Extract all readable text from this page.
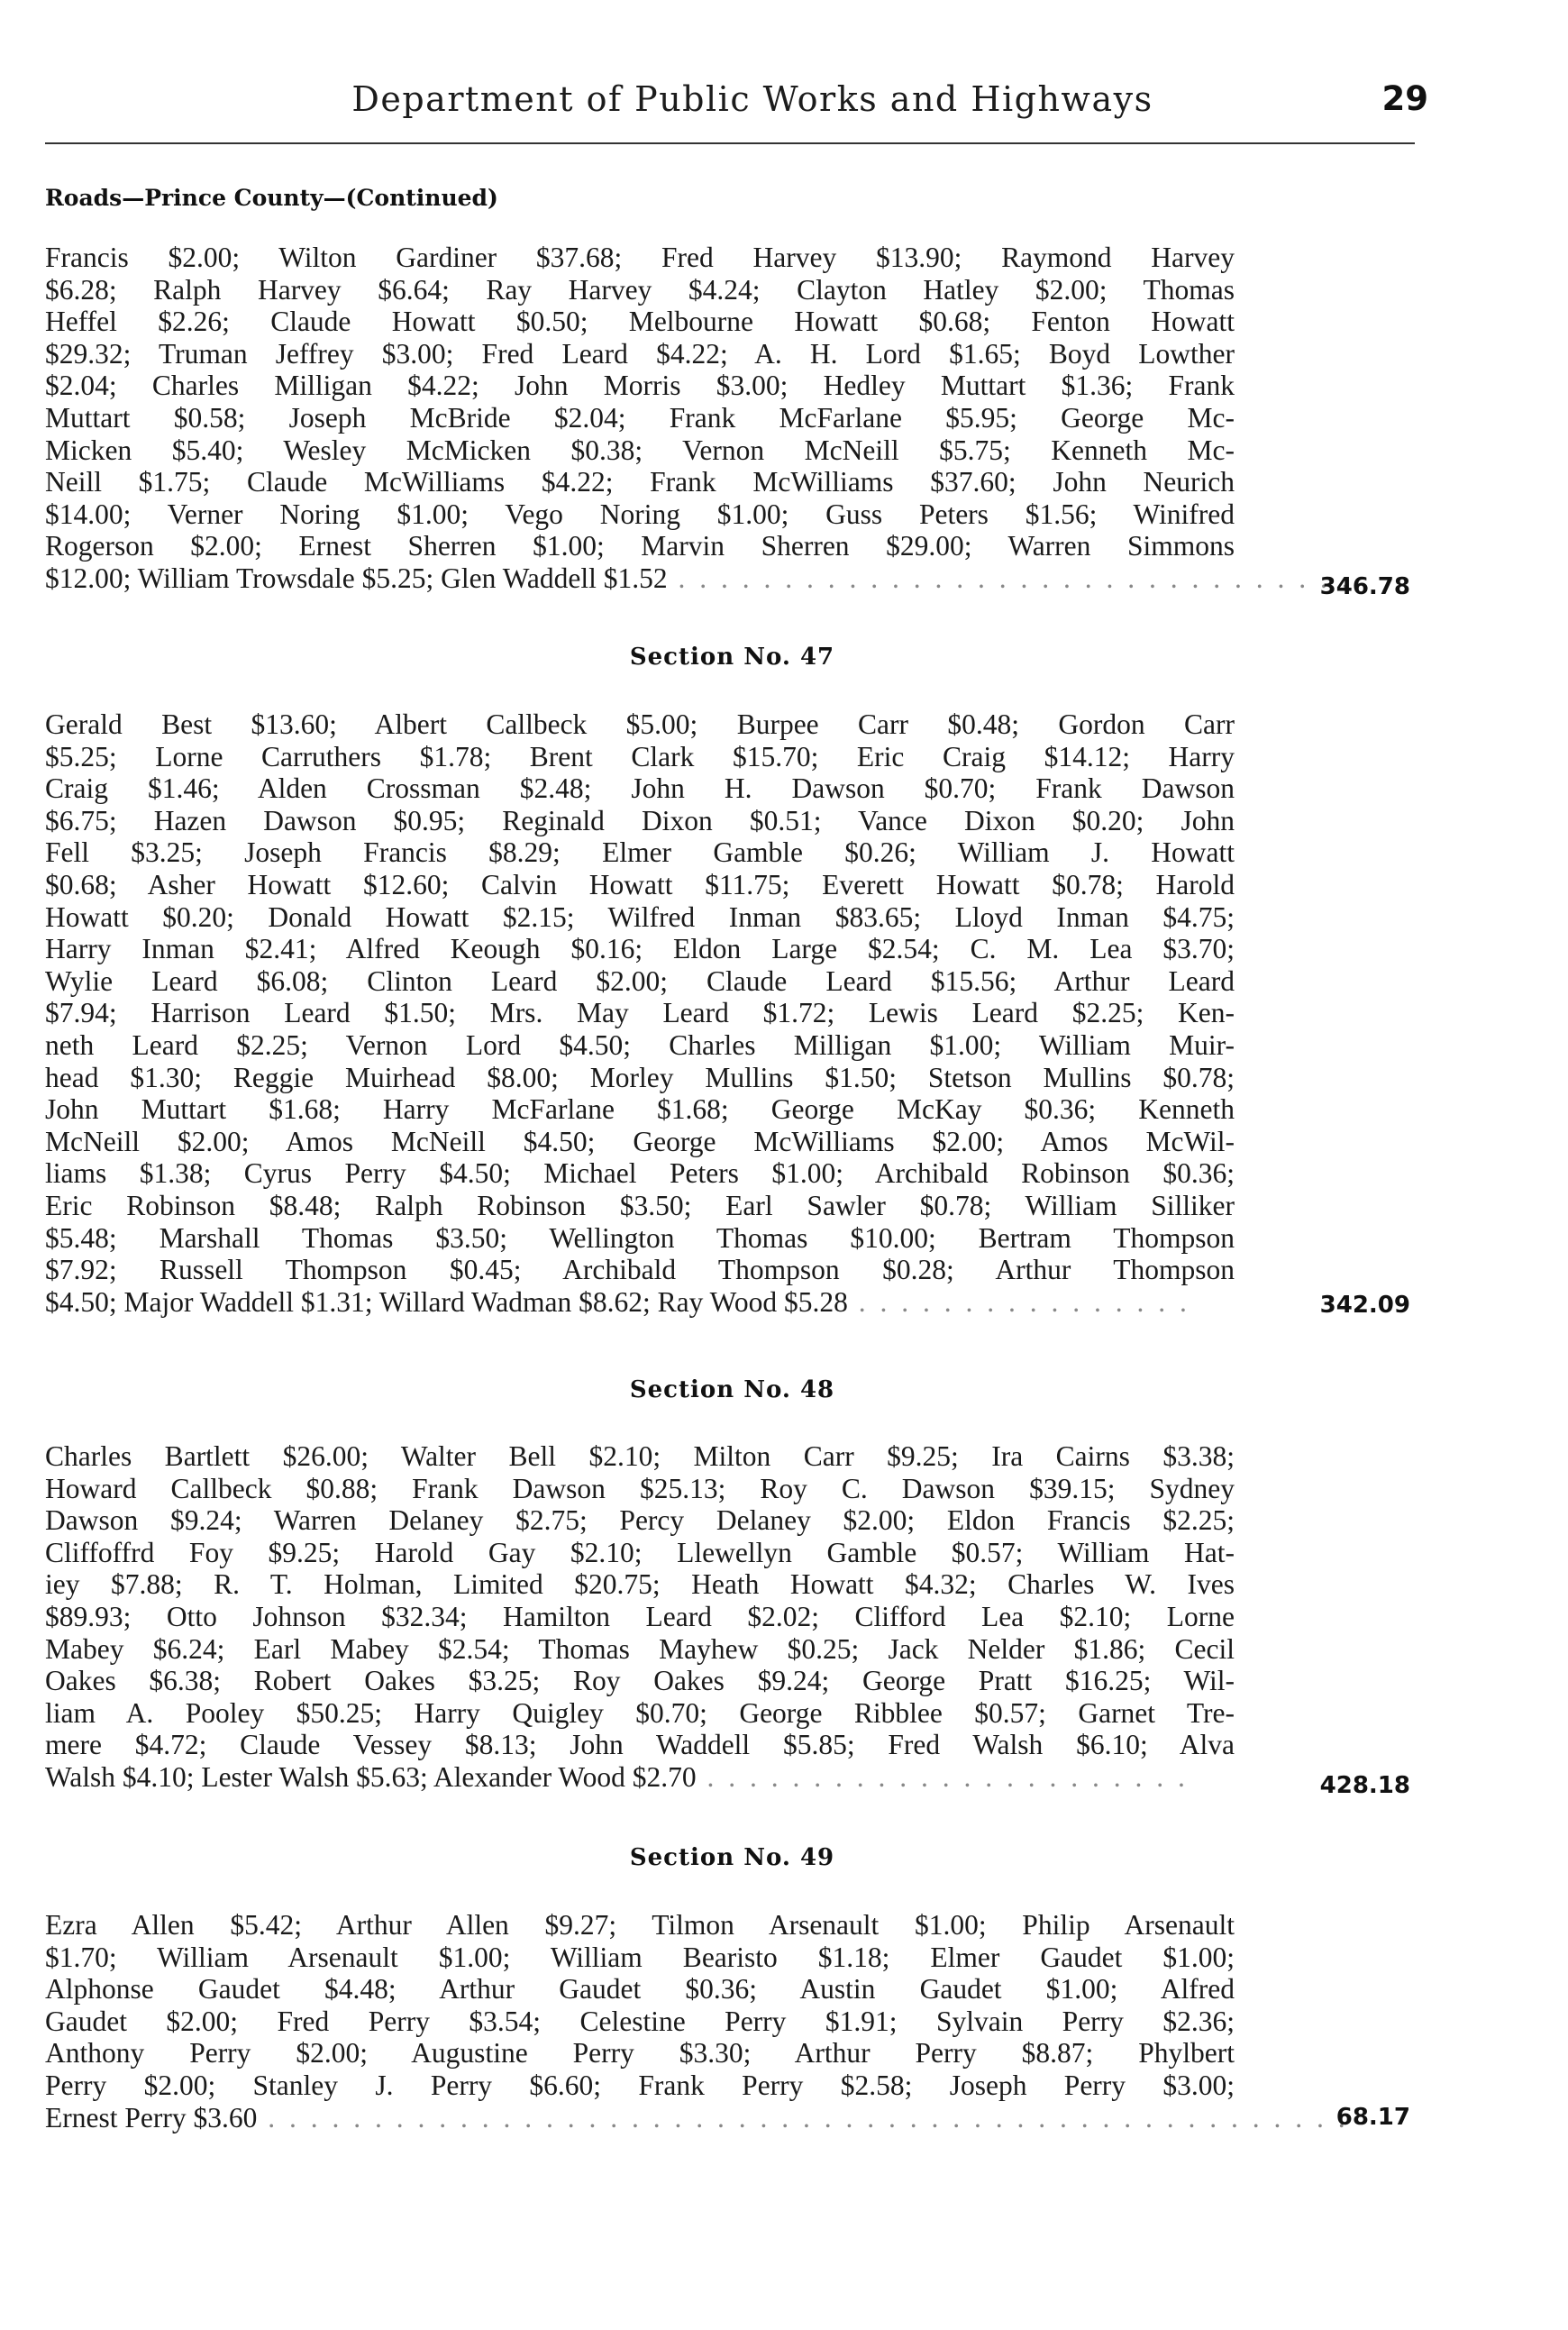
Department of Public Works and Highways	29
Roads—Prince County—(Continued)
Francis $2.00; Wilton Gardiner $37.68; Fred Harvey $13.90; Raymond Harvey
$6.28; Ralph Harvey $6.64; Ray Harvey $4.24; Clayton Hatley $2.00; Thomas
Heffel $2.26; Claude Howatt $0.50; Melbourne Howatt $0.68; Fenton Howatt
$29.32; Truman Jeffrey $3.00; Fred Leard $4.22; A. H. Lord $1.65; Boyd Lowther
$2.04; Charles Milligan $4.22; John Morris $3.00; Hedley Muttart $1.36; Frank
Muttart $0.58; Joseph McBride $2.04; Frank McFarlane $5.95; George Mc-
Micken $5.40; Wesley McMicken $0.38; Vernon McNeill $5.75; Kenneth Mc-
Neill $1.75; Claude McWilliams $4.22; Frank McWilliams $37.60; John Neurich
$14.00; Verner Noring $1.00; Vego Noring $1.00; Guss Peters $1.56; Winifred
Rogerson $2.00; Ernest Sherren $1.00; Marvin Sherren $29.00; Warren Simmons
$12.00; William Trowsdale $5.25; Glen Waddell $1.52 . . . . . . . . . . . . . . . . . . . . . . . . . . . . . . . .
346.78
Section No. 47
Gerald Best $13.60; Albert Callbeck $5.00; Burpee Carr $0.48; Gordon Carr
$5.25; Lorne Carruthers $1.78; Brent Clark $15.70; Eric Craig $14.12; Harry
Craig $1.46; Alden Crossman $2.48; John H. Dawson $0.70; Frank Dawson
$6.75; Hazen Dawson $0.95; Reginald Dixon $0.51; Vance Dixon $0.20; John
Fell $3.25; Joseph Francis $8.29; Elmer Gamble $0.26; William J. Howatt
$0.68; Asher Howatt $12.60; Calvin Howatt $11.75; Everett Howatt $0.78; Harold
Howatt $0.20; Donald Howatt $2.15; Wilfred Inman $83.65; Lloyd Inman $4.75;
Harry Inman $2.41; Alfred Keough $0.16; Eldon Large $2.54; C. M. Lea $3.70;
Wylie Leard $6.08; Clinton Leard $2.00; Claude Leard $15.56; Arthur Leard
$7.94; Harrison Leard $1.50; Mrs. May Leard $1.72; Lewis Leard $2.25; Ken-
neth Leard $2.25; Vernon Lord $4.50; Charles Milligan $1.00; William Muir-
head $1.30; Reggie Muirhead $8.00; Morley Mullins $1.50; Stetson Mullins $0.78;
John Muttart $1.68; Harry McFarlane $1.68; George McKay $0.36; Kenneth
McNeill $2.00; Amos McNeill $4.50; George McWilliams $2.00; Amos McWil-
liams $1.38; Cyrus Perry $4.50; Michael Peters $1.00; Archibald Robinson $0.36;
Eric Robinson $8.48; Ralph Robinson $3.50; Earl Sawler $0.78; William Silliker
$5.48; Marshall Thomas $3.50; Wellington Thomas $10.00; Bertram Thompson
$7.92; Russell Thompson $0.45; Archibald Thompson $0.28; Arthur Thompson
$4.50; Major Waddell $1.31; Willard Wadman $8.62; Ray Wood $5.28 . . . . . . . . . . . . . . . .	342.09
Section No. 48
Charles Bartlett $26.00; Walter Bell $2.10; Milton Carr $9.25; Ira Cairns $3.38;
Howard Callbeck $0.88; Frank Dawson $25.13; Roy C. Dawson $39.15; Sydney
Dawson $9.24; Warren Delaney $2.75; Percy Delaney $2.00; Eldon Francis $2.25;
Cliffoffrd Foy $9.25; Harold Gay $2.10; Llewellyn Gamble $0.57; William Hat-
iey $7.88; R. T. Holman, Limited $20.75; Heath Howatt $4.32; Charles W. Ives
$89.93; Otto Johnson $32.34; Hamilton Leard $2.02; Clifford Lea $2.10; Lorne
Mabey $6.24; Earl Mabey $2.54; Thomas Mayhew $0.25; Jack Nelder $1.86; Cecil
Oakes $6.38; Robert Oakes $3.25; Roy Oakes $9.24; George Pratt $16.25; Wil-
liam A. Pooley $50.25; Harry Quigley $0.70; George Ribblee $0.57; Garnet Tre-
mere $4.72; Claude Vessey $8.13; John Waddell $5.85; Fred Walsh $6.10; Alva
Walsh $4.10; Lester Walsh $5.63; Alexander Wood $2.70 . . . . . . . . . . . . . . . . . . . . . . .	428.18
Section No. 49
Ezra Allen $5.42; Arthur Allen $9.27; Tilmon Arsenault $1.00; Philip Arsenault
$1.70; William Arsenault $1.00; William Bearisto $1.18; Elmer Gaudet $1.00;
Alphonse Gaudet $4.48; Arthur Gaudet $0.36; Austin Gaudet $1.00; Alfred
Gaudet $2.00; Fred Perry $3.54; Celestine Perry $1.91; Sylvain Perry $2.36;
Anthony Perry $2.00; Augustine Perry $3.30; Arthur Perry $8.87; Phylbert
Perry $2.00; Stanley J. Perry $6.60; Frank Perry $2.58; Joseph Perry $3.00;
Ernest Perry $3.60 . . . . . . . . . . . . . . . . . . . . . . . . . . . . . . . . . . . . . . . . . . . . . . . . . . .
68.17
